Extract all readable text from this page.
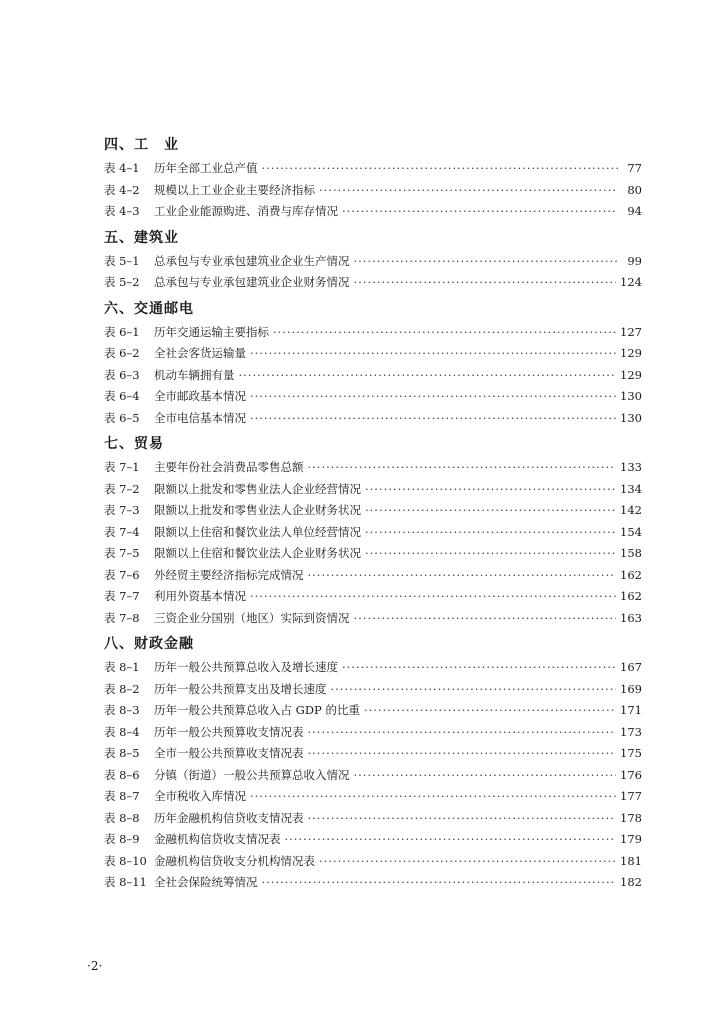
四、工　业
表 4–1	历年全部工业总产值 ·····	77
表 4–2	规模以上工业企业主要经济指标 ·····	80
表 4–3	工业企业能源购进、消费与库存情况 ·····	94
五、建筑业
表 5–1	总承包与专业承包建筑业企业生产情况 ·····	99
表 5–2	总承包与专业承包建筑业企业财务情况 ·····	124
六、交通邮电
表 6–1	历年交通运输主要指标 ·····	127
表 6–2	全社会客货运输量 ·····	129
表 6–3	机动车辆拥有量 ·····	129
表 6–4	全市邮政基本情况 ·····	130
表 6–5	全市电信基本情况 ·····	130
七、贸易
表 7–1	主要年份社会消费品零售总额 ·····	133
表 7–2	限额以上批发和零售业法人企业经营情况 ·····	134
表 7–3	限额以上批发和零售业法人企业财务状况 ·····	142
表 7–4	限额以上住宿和餐饮业法人单位经营情况 ·····	154
表 7–5	限额以上住宿和餐饮业法人企业财务状况 ·····	158
表 7–6	外经贸主要经济指标完成情况 ·····	162
表 7–7	利用外资基本情况 ·····	162
表 7–8	三资企业分国别（地区）实际到资情况 ·····	163
八、财政金融
表 8–1	历年一般公共预算总收入及增长速度 ·····	167
表 8–2	历年一般公共预算支出及增长速度 ·····	169
表 8–3	历年一般公共预算总收入占 GDP 的比重 ·····	171
表 8–4	历年一般公共预算收支情况表 ·····	173
表 8–5	全市一般公共预算收支情况表 ·····	175
表 8–6	分镇（街道）一般公共预算总收入情况 ·····	176
表 8–7	全市税收入库情况 ·····	177
表 8–8	历年金融机构信贷收支情况表 ·····	178
表 8–9	金融机构信贷收支情况表 ·····	179
表 8–10 金融机构信贷收支分机构情况表 ·····	181
表 8–11 全社会保险统筹情况 ·····	182
·2·
